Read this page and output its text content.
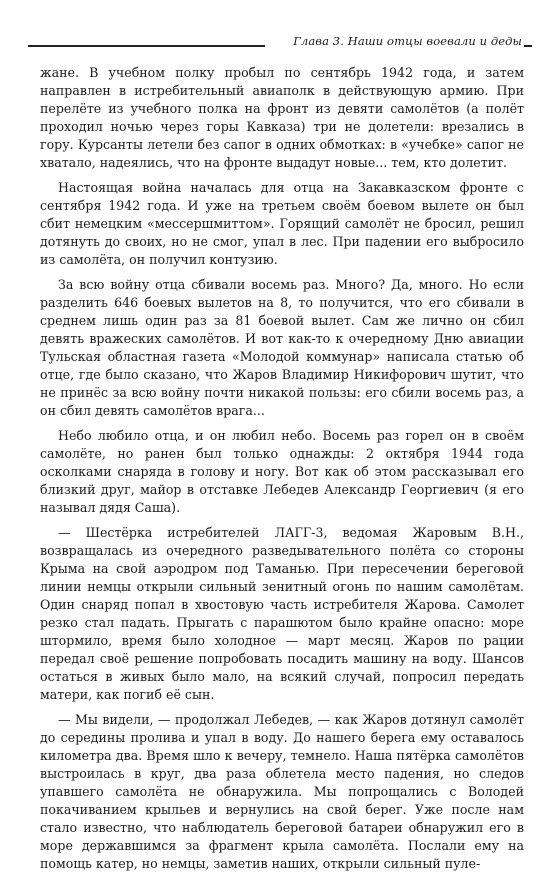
Глава 3. Наши отцы воевали и деды

жане. В учебном полку пробыл по сентябрь 1942 года, и затем направлен в истребительный авиаполк в действующую армию. При перелёте из учебного полка на фронт из девяти самолётов (а полёт проходил ночью через горы Кавказа) три не долетели: врезались в гору. Курсанты летели без сапог в одних обмотках: в «учебке» сапог не хватало, надеялись, что на фронте выдадут новые... тем, кто долетит.

Настоящая война началась для отца на Закавказском фронте с сентября 1942 года. И уже на третьем своём боевом вылете он был сбит немецким «мессершмиттом». Горящий самолёт не бросил, решил дотянуть до своих, но не смог, упал в лес. При падении его выбросило из самолёта, он получил контузию.

За всю войну отца сбивали восемь раз. Много? Да, много. Но если разделить 646 боевых вылетов на 8, то получится, что его сбивали в среднем лишь один раз за 81 боевой вылет. Сам же лично он сбил девять вражеских самолётов. И вот как-то к очередному Дню авиации Тульская областная газета «Молодой коммунар» написала статью об отце, где было сказано, что Жаров Владимир Никифорович шутит, что не принёс за всю войну почти никакой пользы: его сбили восемь раз, а он сбил девять самолётов врага...

Небо любило отца, и он любил небо. Восемь раз горел он в своём самолёте, но ранен был только однажды: 2 октября 1944 года осколками снаряда в голову и ногу. Вот как об этом рассказывал его близкий друг, майор в отставке Лебедев Александр Георгиевич (я его называл дядя Саша).

— Шестёрка истребителей ЛАГГ-3, ведомая Жаровым В.Н., возвращалась из очередного разведывательного полёта со стороны Крыма на свой аэродром под Таманью. При пересечении береговой линии немцы открыли сильный зенитный огонь по нашим самолётам. Один снаряд попал в хвостовую часть истребителя Жарова. Самолет резко стал падать. Прыгать с парашютом было крайне опасно: море штормило, время было холодное — март месяц. Жаров по рации передал своё решение попробовать посадить машину на воду. Шансов остаться в живых было мало, на всякий случай, попросил передать матери, как погиб её сын.

— Мы видели, — продолжал Лебедев, — как Жаров дотянул самолёт до середины пролива и упал в воду. До нашего берега ему оставалось километра два. Время шло к вечеру, темнело. Наша пятёрка самолётов выстроилась в круг, два раза облетела место падения, но следов упавшего самолёта не обнаружила. Мы попрощались с Володей покачиванием крыльев и вернулись на свой берег. Уже после нам стало известно, что наблюдатель береговой батареи обнаружил его в море державшимся за фрагмент крыла самолёта. Послали ему на помощь катер, но немцы, заметив наших, открыли сильный пуле-
